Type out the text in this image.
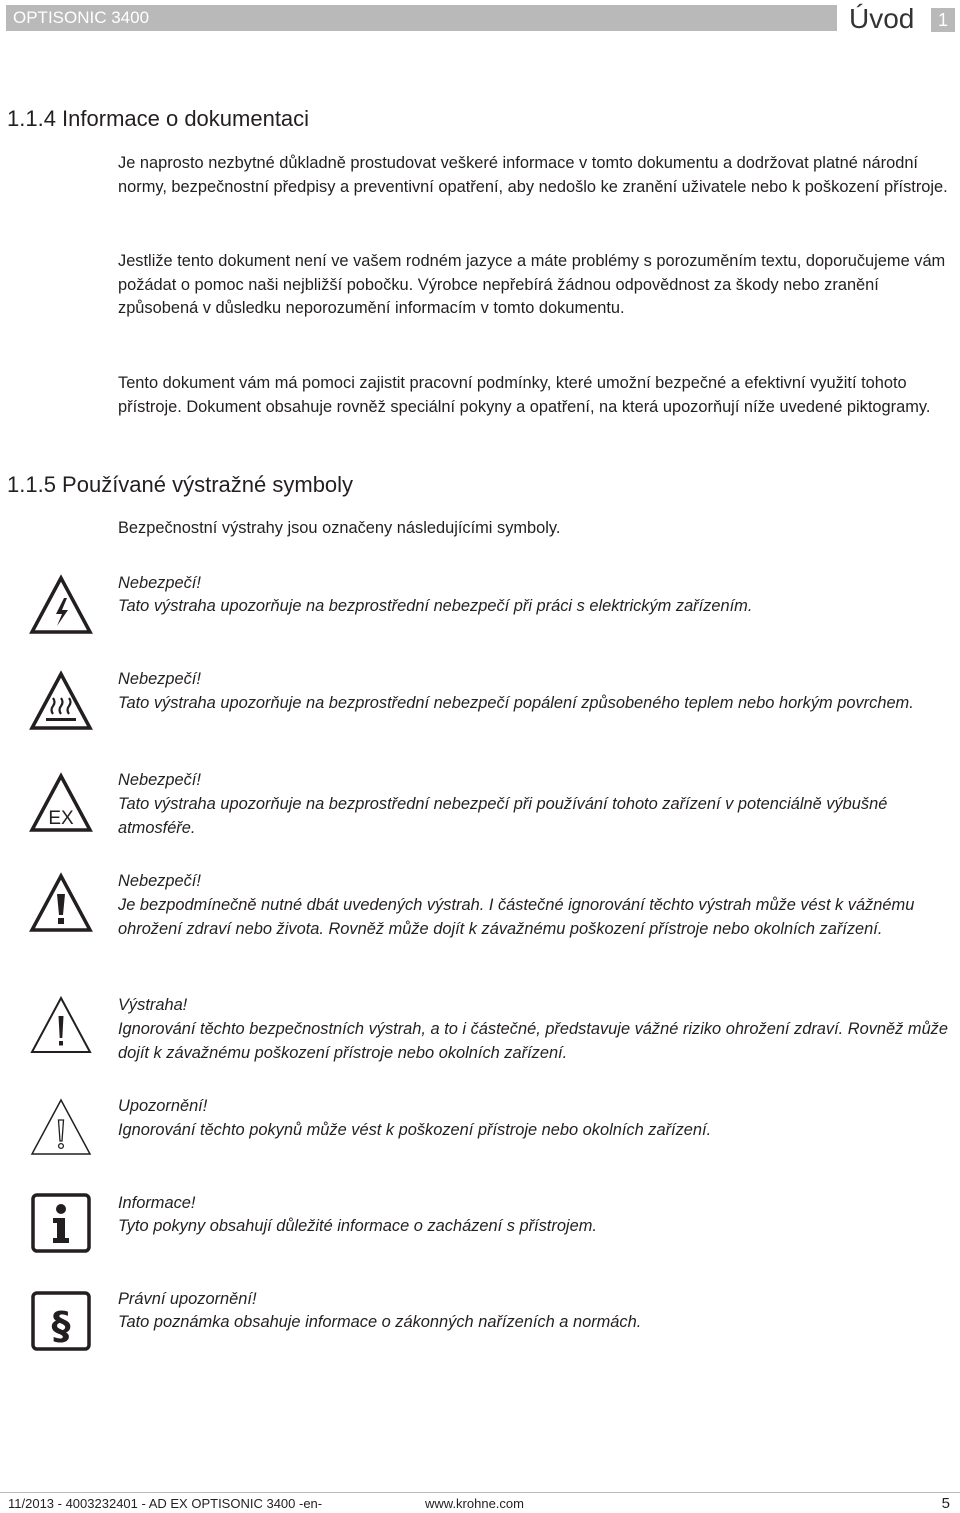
OPTISONIC 3400	Úvod	1
1.1.4 Informace o dokumentaci
Je naprosto nezbytné důkladně prostudovat veškeré informace v tomto dokumentu a dodržovat platné národní normy, bezpečnostní předpisy a preventivní opatření, aby nedošlo ke zranění uživatele nebo k poškození přístroje.
Jestliže tento dokument není ve vašem rodném jazyce a máte problémy s porozuměním textu, doporučujeme vám požádat o pomoc naši nejbližší pobočku. Výrobce nepřebírá žádnou odpovědnost za škody nebo zranění způsobená v důsledku neporozumění informacím v tomto dokumentu.
Tento dokument vám má pomoci zajistit pracovní podmínky, které umožní bezpečné a efektivní využití tohoto přístroje. Dokument obsahuje rovněž speciální pokyny a opatření, na která upozorňují níže uvedené piktogramy.
1.1.5 Používané výstražné symboly
Bezpečnostní výstrahy jsou označeny následujícími symboly.
Nebezpečí!
Tato výstraha upozorňuje na bezprostřední nebezpečí při práci s elektrickým zařízením.
Nebezpečí!
Tato výstraha upozorňuje na bezprostřední nebezpečí popálení způsobeného teplem nebo horkým povrchem.
EX
Nebezpečí!
Tato výstraha upozorňuje na bezprostřední nebezpečí při používání tohoto zařízení v potenciálně výbušné atmosféře.
Nebezpečí!
Je bezpodmínečně nutné dbát uvedených výstrah. I částečné ignorování těchto výstrah může vést k vážnému ohrožení zdraví nebo života. Rovněž může dojít k závažnému poškození přístroje nebo okolních zařízení.
Výstraha!
Ignorování těchto bezpečnostních výstrah, a to i částečné, představuje vážné riziko ohrožení zdraví. Rovněž může dojít k závažnému poškození přístroje nebo okolních zařízení.
Upozornění!
Ignorování těchto pokynů může vést k poškození přístroje nebo okolních zařízení.
Informace!
Tyto pokyny obsahují důležité informace o zacházení s přístrojem.
§
Právní upozornění!
Tato poznámka obsahuje informace o zákonných nařízeních a normách.
11/2013 - 4003232401 - AD EX OPTISONIC 3400 -en-	www.krohne.com	5
